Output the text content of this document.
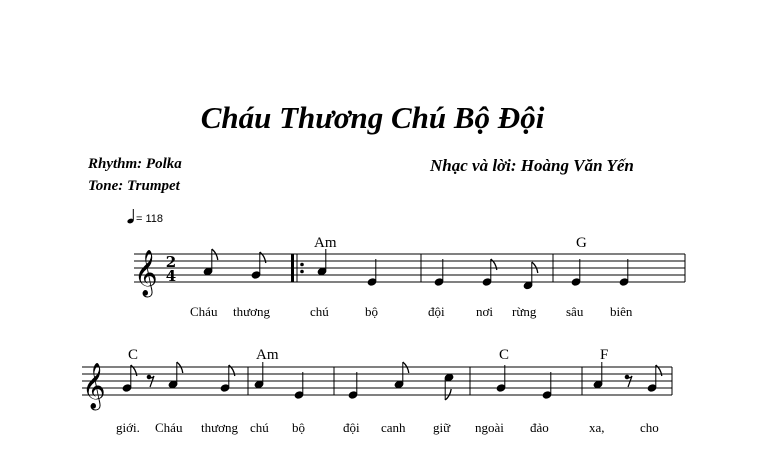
Cháu Thương Chú Bộ Đội
Rhythm: Polka
Tone: Trumpet
Nhạc và lời: Hoàng Văn Yến
= 118
Am	G
Cháu thương	chú	bộ	đội nơi rừng sâu biên
C	Am	C	F
giới. Cháu thương chú bộ	đội canh giữ ngoài đảo	xa,	cho
𝄞 2
4
𝄞
